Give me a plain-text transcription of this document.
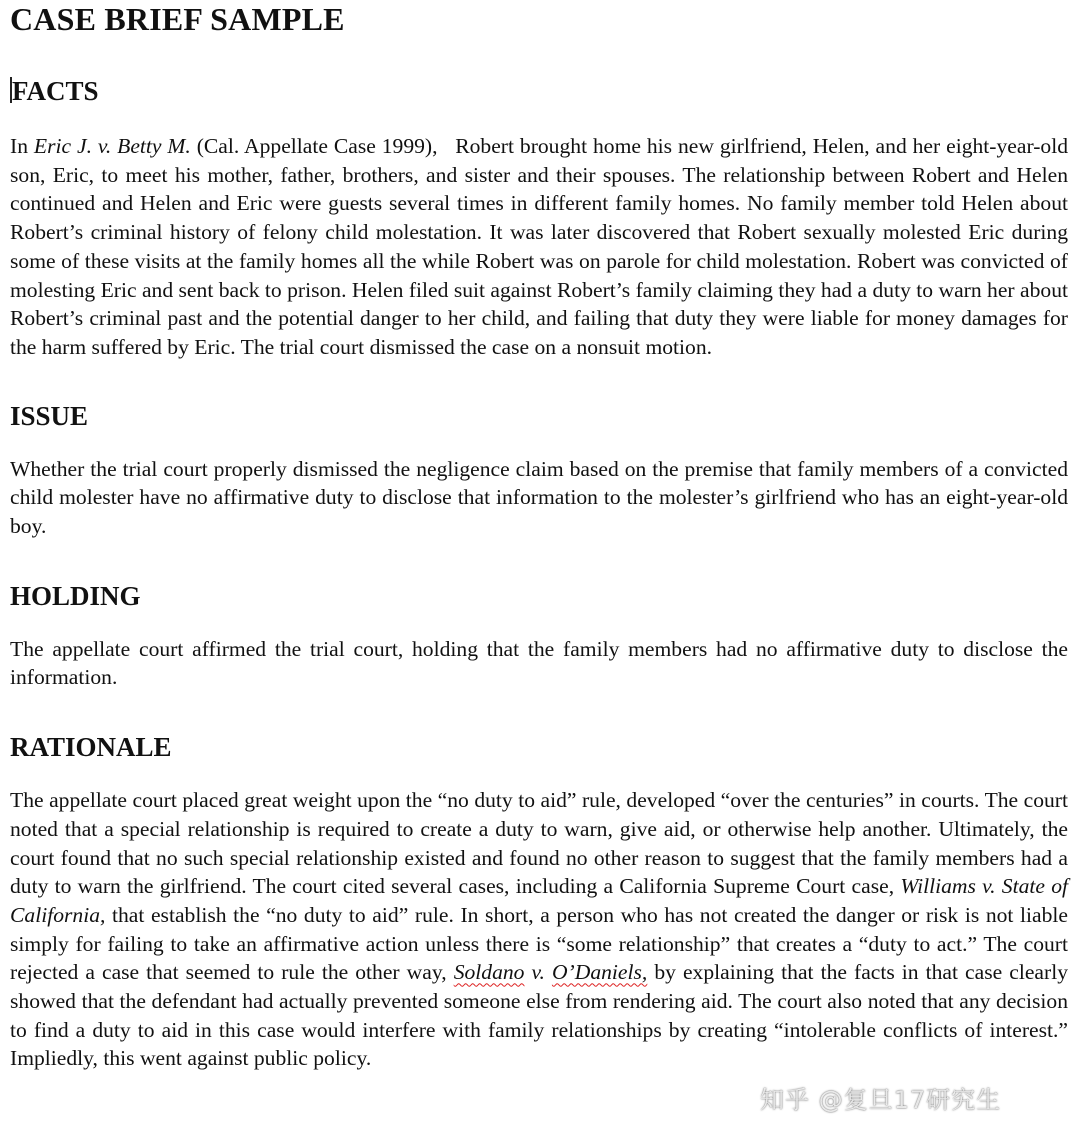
CASE BRIEF SAMPLE
FACTS

In Eric J. v. Betty M. (Cal. Appellate Case 1999),   Robert brought home his new girlfriend, Helen, and her eight-year-old son, Eric, to meet his mother, father, brothers, and sister and their spouses. The relationship between Robert and Helen continued and Helen and Eric were guests several times in different family homes. No family member told Helen about Robert’s criminal history of felony child molestation. It was later discovered that Robert sexually molested Eric during some of these visits at the family homes all the while Robert was on parole for child molestation. Robert was convicted of molesting Eric and sent back to prison. Helen filed suit against Robert’s family claiming they had a duty to warn her about Robert’s criminal past and the potential danger to her child, and failing that duty they were liable for money damages for the harm suffered by Eric. The trial court dismissed the case on a nonsuit motion.

ISSUE

Whether the trial court properly dismissed the negligence claim based on the premise that family members of a convicted child molester have no affirmative duty to disclose that information to the molester’s girlfriend who has an eight-year-old boy.

HOLDING

The appellate court affirmed the trial court, holding that the family members had no affirmative duty to disclose the information.

RATIONALE

The appellate court placed great weight upon the “no duty to aid” rule, developed “over the centuries” in courts. The court noted that a special relationship is required to create a duty to warn, give aid, or otherwise help another. Ultimately, the court found that no such special relationship existed and found no other reason to suggest that the family members had a duty to warn the girlfriend. The court cited several cases, including a California Supreme Court case, Williams v. State of California, that establish the “no duty to aid” rule. In short, a person who has not created the danger or risk is not liable simply for failing to take an affirmative action unless there is “some relationship” that creates a “duty to act.” The court rejected a case that seemed to rule the other way, Soldano v. O’Daniels, by explaining that the facts in that case clearly showed that the defendant had actually prevented someone else from rendering aid. The court also noted that any decision to find a duty to aid in this case would interfere with family relationships by creating “intolerable conflicts of interest.” Impliedly, this went against public policy.

知乎 @复旦17研究生
